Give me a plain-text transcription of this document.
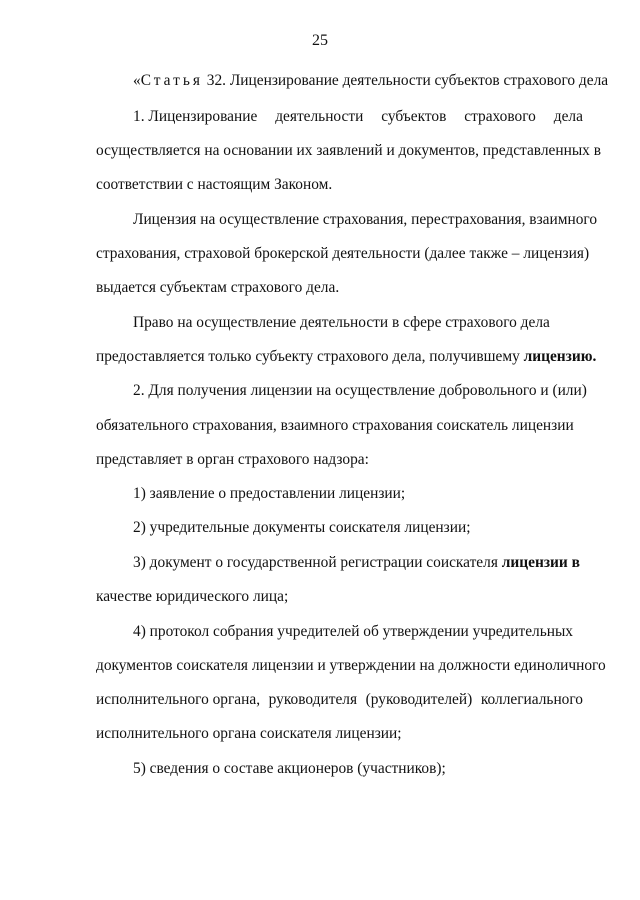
25
«Статья 32. Лицензирование деятельности субъектов страхового дела
1. Лицензирование деятельности субъектов страхового дела
осуществляется на основании их заявлений и документов, представленных в
соответствии с настоящим Законом.
Лицензия на осуществление страхования, перестрахования, взаимного
страхования, страховой брокерской деятельности (далее также – лицензия)
выдается субъектам страхового дела.
Право на осуществление деятельности в сфере страхового дела
предоставляется только субъекту страхового дела, получившему лицензию.
2. Для получения лицензии на осуществление добровольного и (или)
обязательного страхования, взаимного страхования соискатель лицензии
представляет в орган страхового надзора:
1) заявление о предоставлении лицензии;
2) учредительные документы соискателя лицензии;
3) документ о государственной регистрации соискателя лицензии в
качестве юридического лица;
4) протокол собрания учредителей об утверждении учредительных
документов соискателя лицензии и утверждении на должности единоличного
исполнительного органа, руководителя (руководителей) коллегиального
исполнительного органа соискателя лицензии;
5) сведения о составе акционеров (участников);
